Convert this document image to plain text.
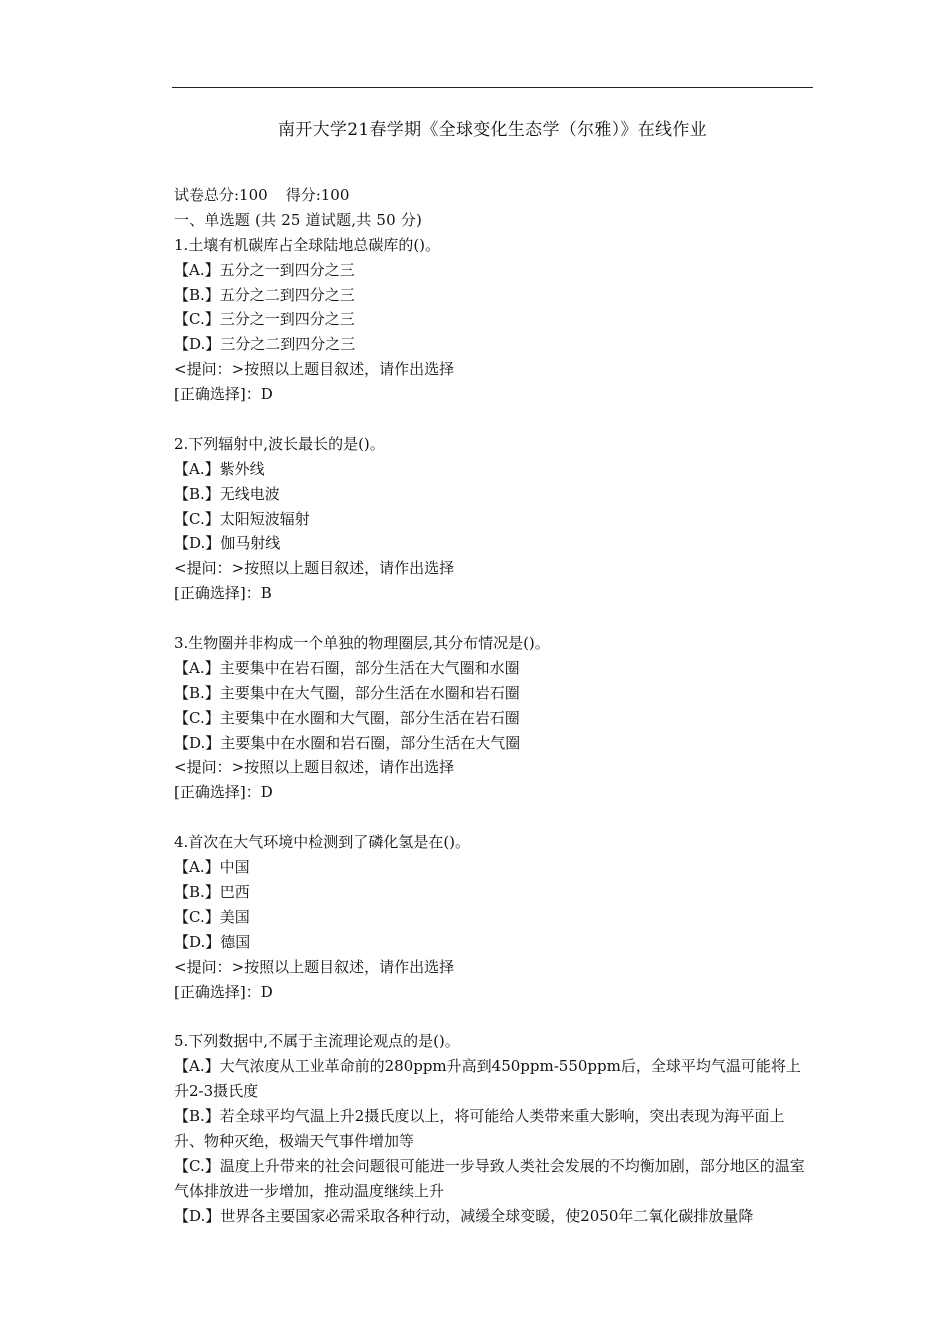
南开大学21春学期《全球变化生态学（尔雅）》在线作业
试卷总分:100 得分:100
一、单选题 (共 25 道试题,共 50 分)
1.土壤有机碳库占全球陆地总碳库的()。
【A.】五分之一到四分之三
【B.】五分之二到四分之三
【C.】三分之一到四分之三
【D.】三分之二到四分之三
<提问：>按照以上题目叙述，请作出选择
[正确选择]：D
2.下列辐射中,波长最长的是()。
【A.】紫外线
【B.】无线电波
【C.】太阳短波辐射
【D.】伽马射线
<提问：>按照以上题目叙述，请作出选择
[正确选择]：B
3.生物圈并非构成一个单独的物理圈层,其分布情况是()。
【A.】主要集中在岩石圈，部分生活在大气圈和水圈
【B.】主要集中在大气圈，部分生活在水圈和岩石圈
【C.】主要集中在水圈和大气圈，部分生活在岩石圈
【D.】主要集中在水圈和岩石圈，部分生活在大气圈
<提问：>按照以上题目叙述，请作出选择
[正确选择]：D
4.首次在大气环境中检测到了磷化氢是在()。
【A.】中国
【B.】巴西
【C.】美国
【D.】德国
<提问：>按照以上题目叙述，请作出选择
[正确选择]：D
5.下列数据中,不属于主流理论观点的是()。
【A.】大气浓度从工业革命前的280ppm升高到450ppm-550ppm后，全球平均气温可能将上升2-3摄氏度
【B.】若全球平均气温上升2摄氏度以上，将可能给人类带来重大影响，突出表现为海平面上升、物种灭绝，极端天气事件增加等
【C.】温度上升带来的社会问题很可能进一步导致人类社会发展的不均衡加剧，部分地区的温室气体排放进一步增加，推动温度继续上升
【D.】世界各主要国家必需采取各种行动，减缓全球变暖，使2050年二氧化碳排放量降
